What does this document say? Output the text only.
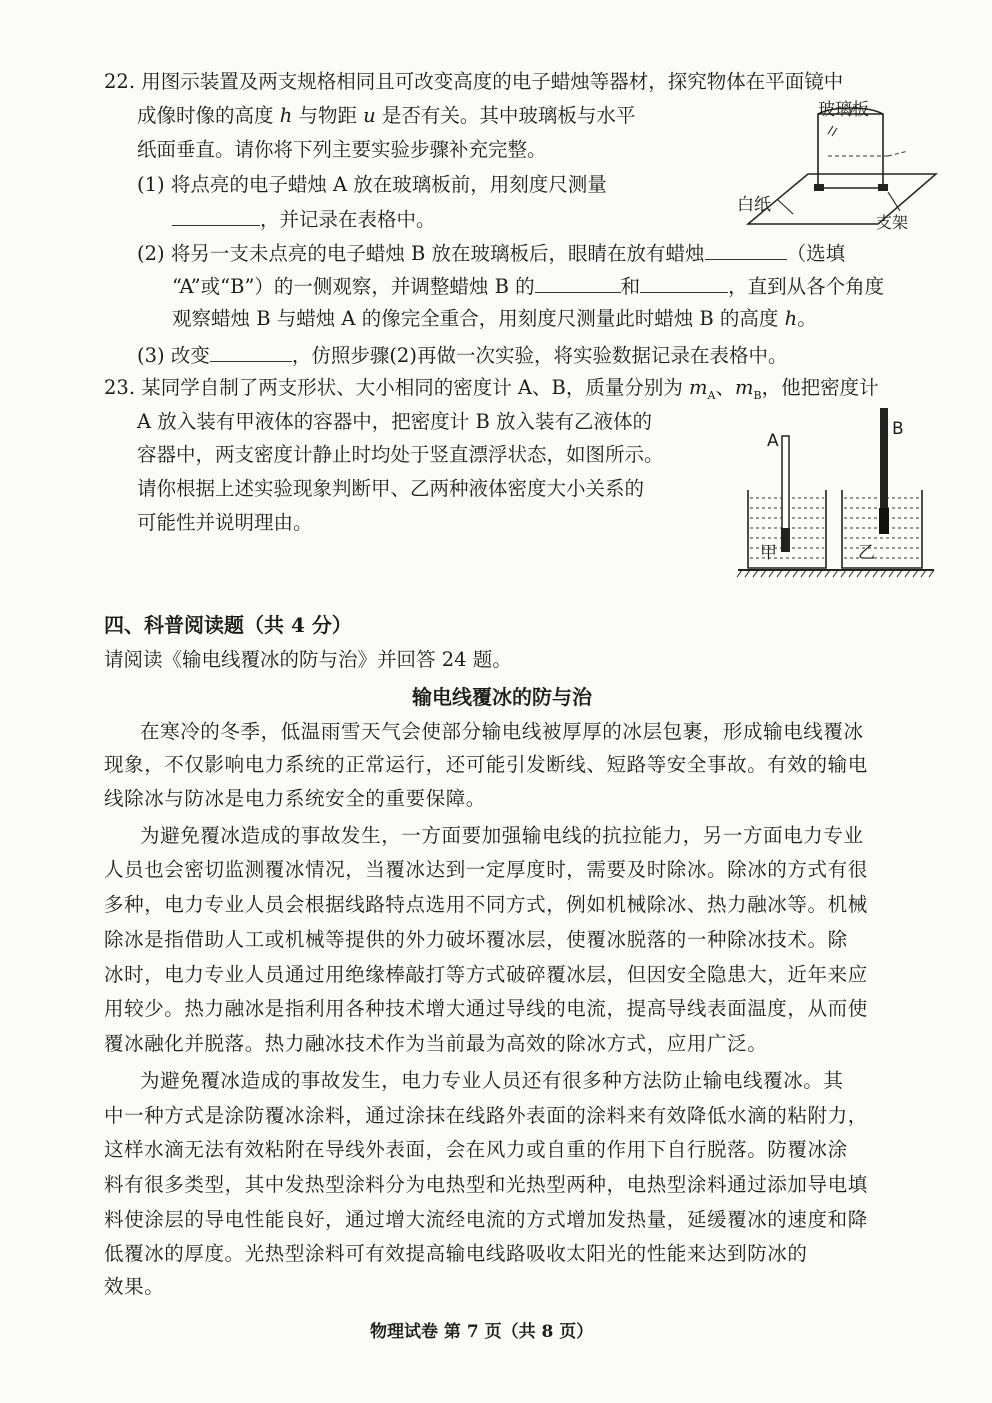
22. 用图示装置及两支规格相同且可改变高度的电子蜡烛等器材，探究物体在平面镜中
成像时像的高度 h 与物距 u 是否有关。其中玻璃板与水平
纸面垂直。请你将下列主要实验步骤补充完整。
(1) 将点亮的电子蜡烛 A 放在玻璃板前，用刻度尺测量
，并记录在表格中。
(2) 将另一支未点亮的电子蜡烛 B 放在玻璃板后，眼睛在放有蜡烛	（选填
“A”或“B”）的一侧观察，并调整蜡烛 B 的	和	，直到从各个角度
观察蜡烛 B 与蜡烛 A 的像完全重合，用刻度尺测量此时蜡烛 B 的高度 h。
(3) 改变	，仿照步骤(2)再做一次实验，将实验数据记录在表格中。
玻璃板
白纸
支架
23. 某同学自制了两支形状、大小相同的密度计 A、B，质量分别为 $m_A$、$m_B$，他把密度计
A 放入装有甲液体的容器中，把密度计 B 放入装有乙液体的
容器中，两支密度计静止时均处于竖直漂浮状态，如图所示。
请你根据上述实验现象判断甲、乙两种液体密度大小关系的
可能性并说明理由。
A
B
甲	乙
四、科普阅读题（共 4 分）
请阅读《输电线覆冰的防与治》并回答 24 题。
输电线覆冰的防与治
在寒冷的冬季，低温雨雪天气会使部分输电线被厚厚的冰层包裹，形成输电线覆冰
现象，不仅影响电力系统的正常运行，还可能引发断线、短路等安全事故。有效的输电
线除冰与防冰是电力系统安全的重要保障。
为避免覆冰造成的事故发生，一方面要加强输电线的抗拉能力，另一方面电力专业
人员也会密切监测覆冰情况，当覆冰达到一定厚度时，需要及时除冰。除冰的方式有很
多种，电力专业人员会根据线路特点选用不同方式，例如机械除冰、热力融冰等。机械
除冰是指借助人工或机械等提供的外力破坏覆冰层，使覆冰脱落的一种除冰技术。除
冰时，电力专业人员通过用绝缘棒敲打等方式破碎覆冰层，但因安全隐患大，近年来应
用较少。热力融冰是指利用各种技术增大通过导线的电流，提高导线表面温度，从而使
覆冰融化并脱落。热力融冰技术作为当前最为高效的除冰方式，应用广泛。
为避免覆冰造成的事故发生，电力专业人员还有很多种方法防止输电线覆冰。其
中一种方式是涂防覆冰涂料，通过涂抹在线路外表面的涂料来有效降低水滴的粘附力，
这样水滴无法有效粘附在导线外表面，会在风力或自重的作用下自行脱落。防覆冰涂
料有很多类型，其中发热型涂料分为电热型和光热型两种，电热型涂料通过添加导电填
料使涂层的导电性能良好，通过增大流经电流的方式增加发热量，延缓覆冰的速度和降
低覆冰的厚度。光热型涂料可有效提高输电线路吸收太阳光的性能来达到防冰的
效果。
物理试卷 第 7 页（共 8 页）
